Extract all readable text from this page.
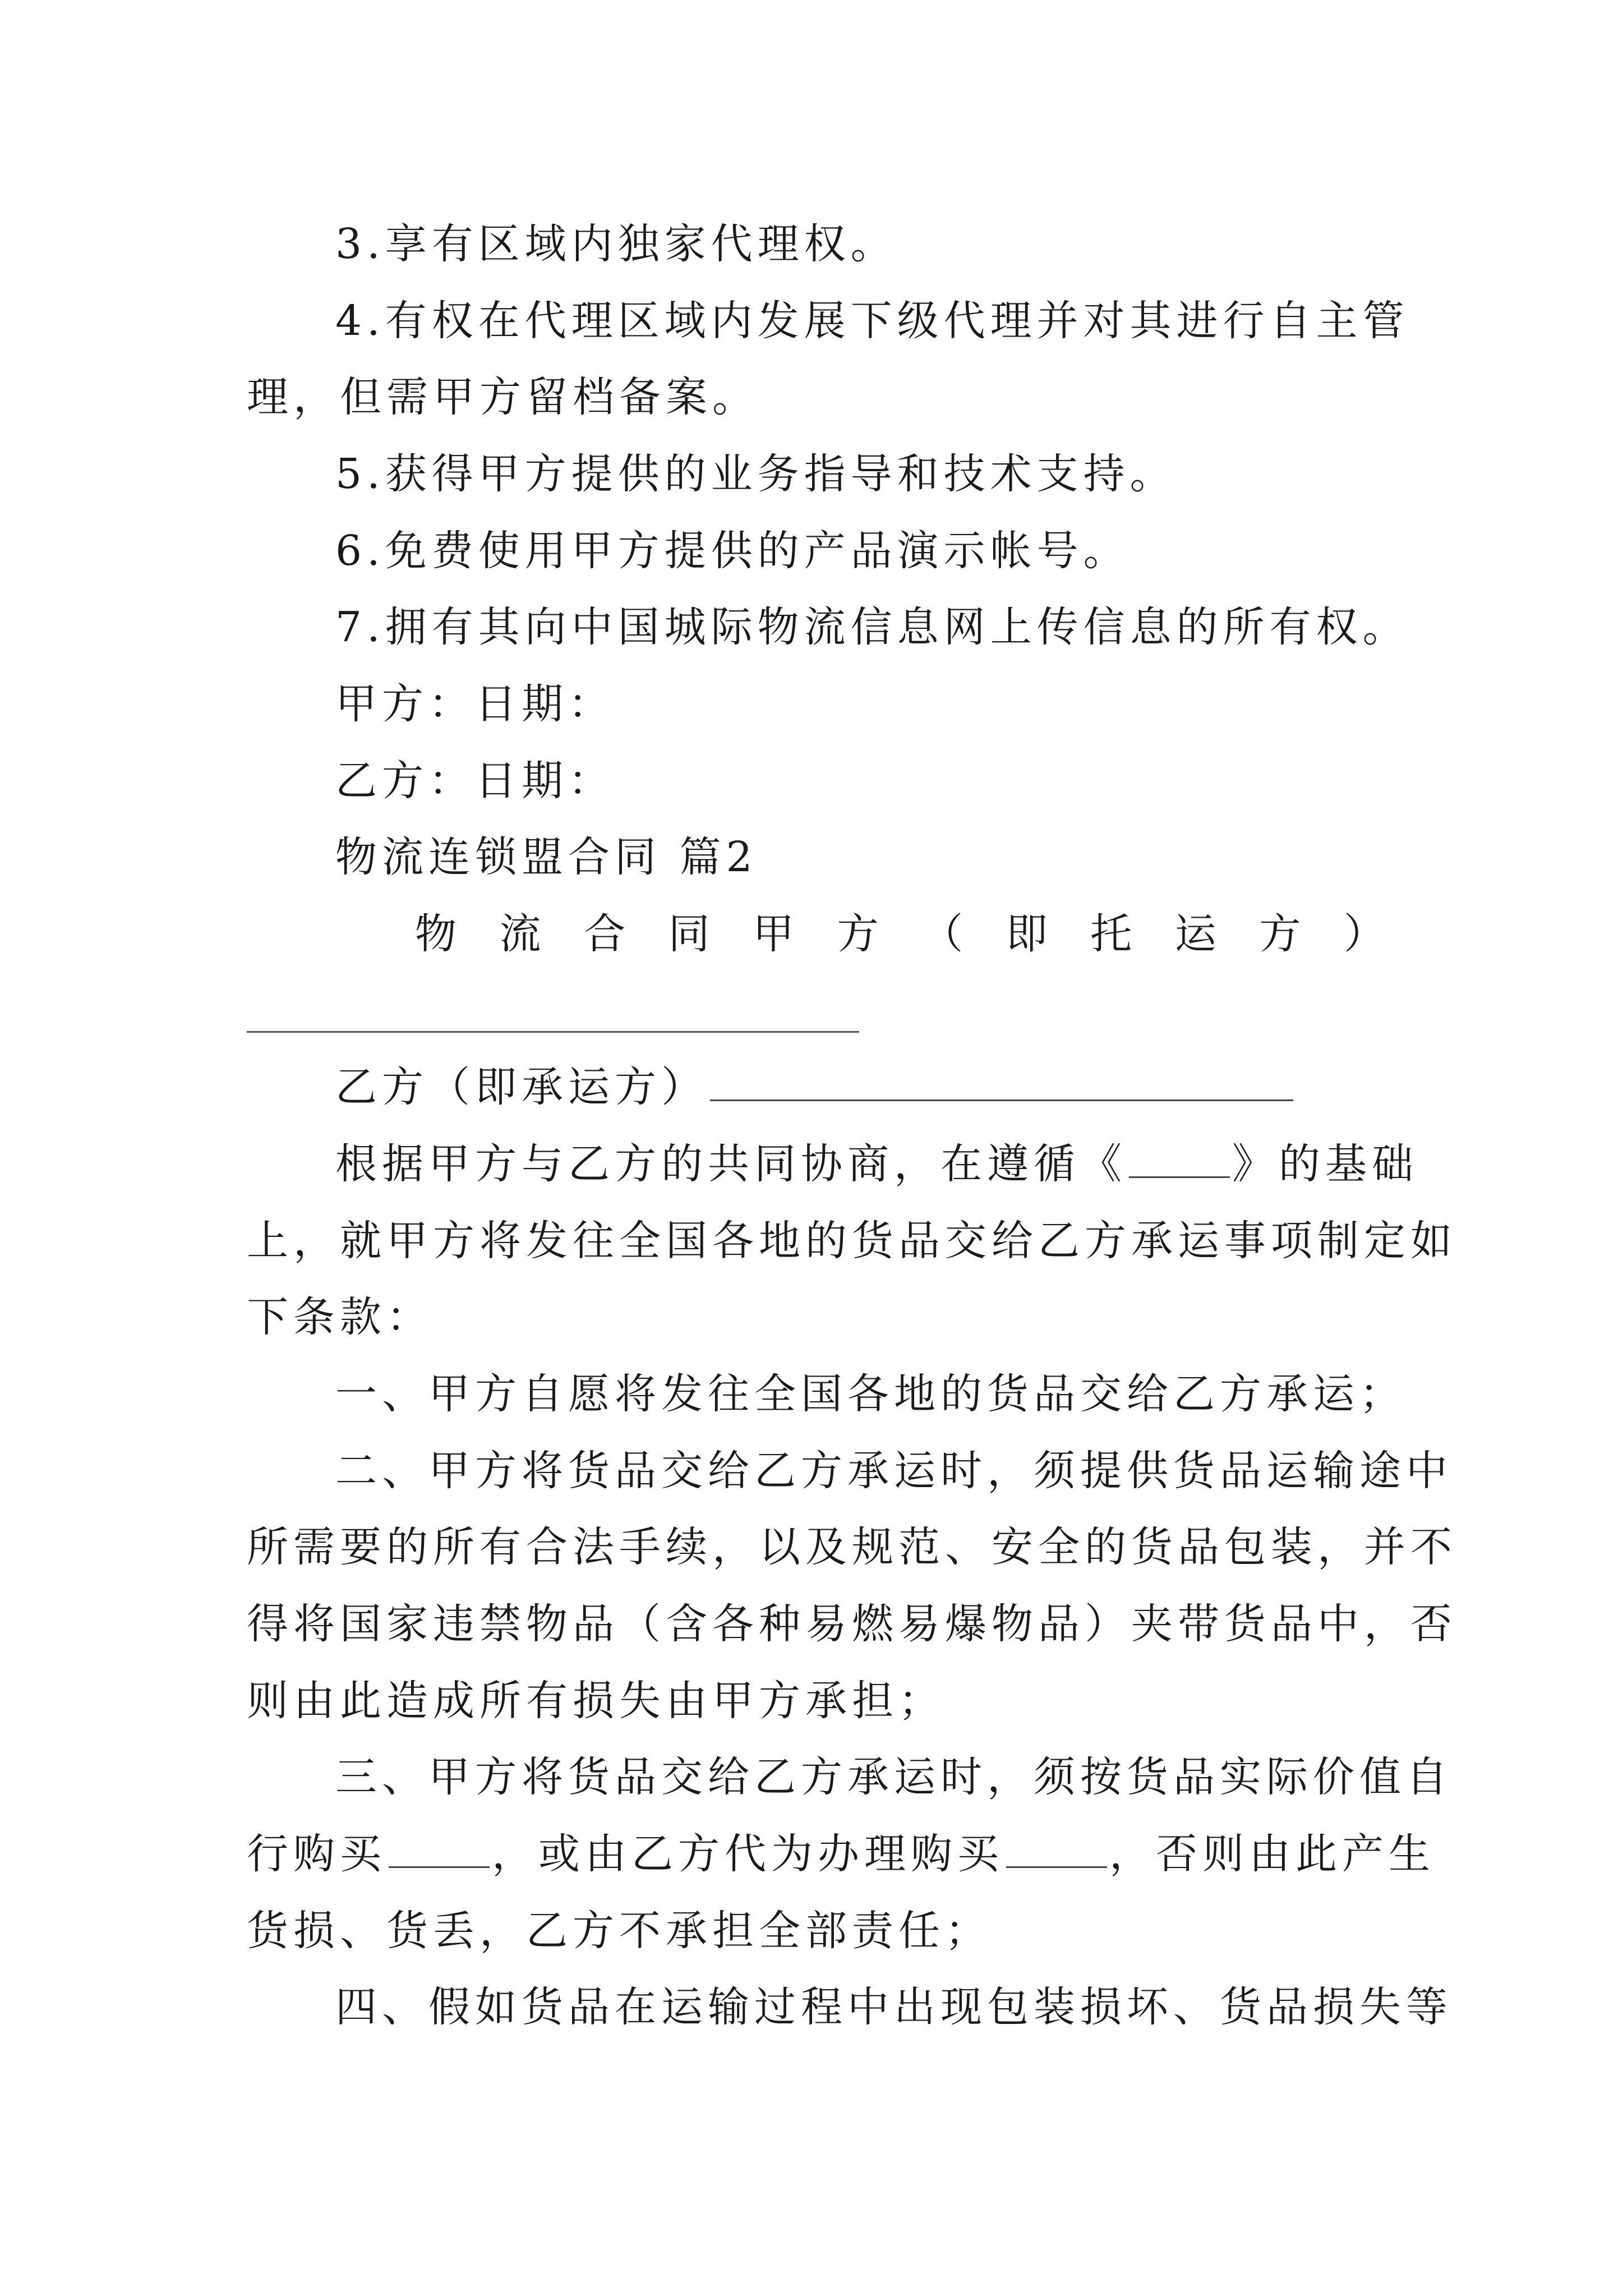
3.享有区域内独家代理权。

4.有权在代理区域内发展下级代理并对其进行自主管

理，但需甲方留档备案。

5.获得甲方提供的业务指导和技术支持。

6.免费使用甲方提供的产品演示帐号。

7.拥有其向中国城际物流信息网上传信息的所有权。

甲方：日期：

乙方：日期：

物流连锁盟合同 篇2

物 流 合 同 甲 方 （ 即 托 运 方 ）

乙方（即承运方）

根据甲方与乙方的共同协商，在遵循《	》的基础

上，就甲方将发往全国各地的货品交给乙方承运事项制定如

下条款：

一、甲方自愿将发往全国各地的货品交给乙方承运；

二、甲方将货品交给乙方承运时，须提供货品运输途中

所需要的所有合法手续，以及规范、安全的货品包装，并不

得将国家违禁物品（含各种易燃易爆物品）夹带货品中，否

则由此造成所有损失由甲方承担；

三、甲方将货品交给乙方承运时，须按货品实际价值自

行购买	，或由乙方代为办理购买	，否则由此产生

货损、货丢，乙方不承担全部责任；

四、假如货品在运输过程中出现包装损坏、货品损失等
